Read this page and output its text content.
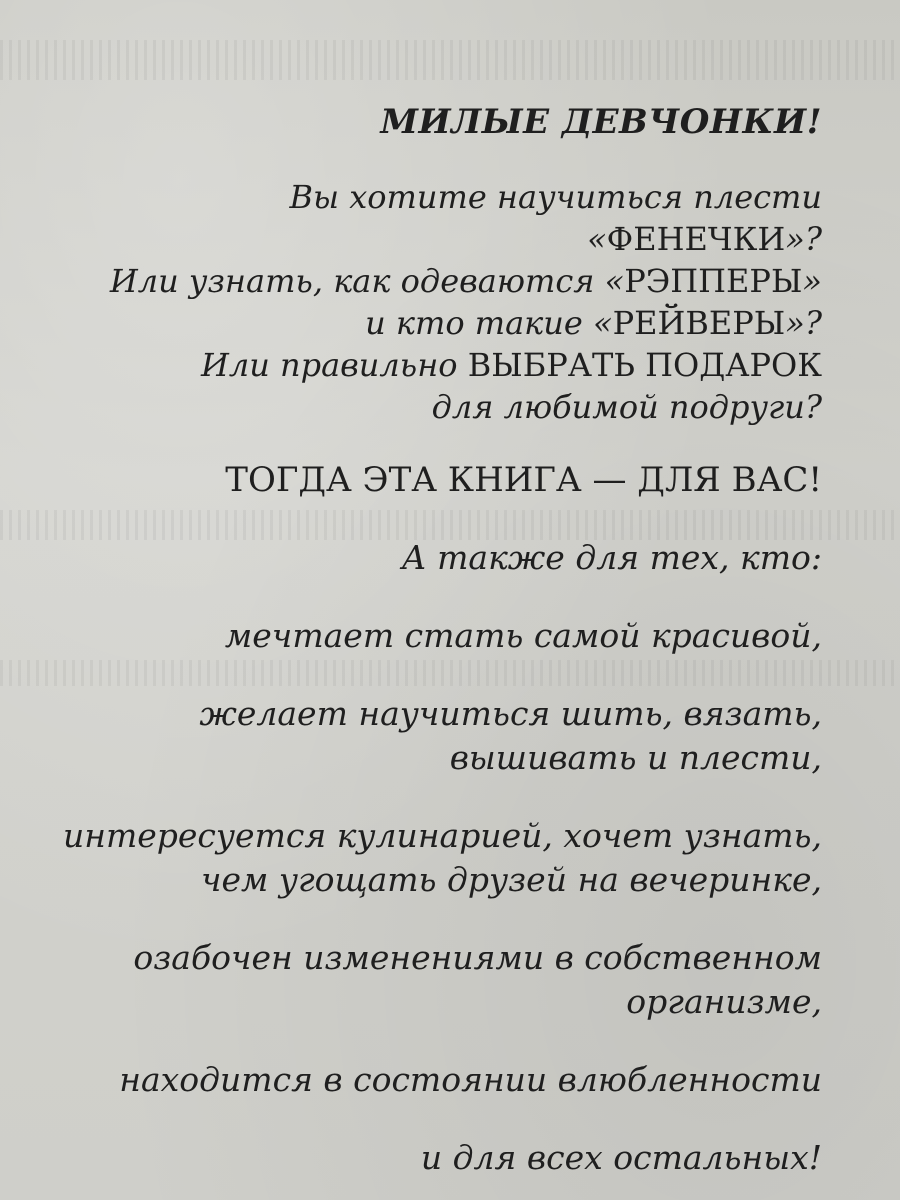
МИЛЫЕ ДЕВЧОНКИ!
Вы хотите научиться плести
«ФЕНЕЧКИ»?
Или узнать, как одеваются «РЭППЕРЫ»
и кто такие «РЕЙВЕРЫ»?
Или правильно ВЫБРАТЬ ПОДАРОК
для любимой подруги?
ТОГДА ЭТА КНИГА — ДЛЯ ВАС!
А также для тех, кто:
мечтает стать самой красивой,
желает научиться шить, вязать,
вышивать и плести,
интересуется кулинарией, хочет узнать,
чем угощать друзей на вечеринке,
озабочен изменениями в собственном
организме,
находится в состоянии влюбленности
и для всех остальных!
